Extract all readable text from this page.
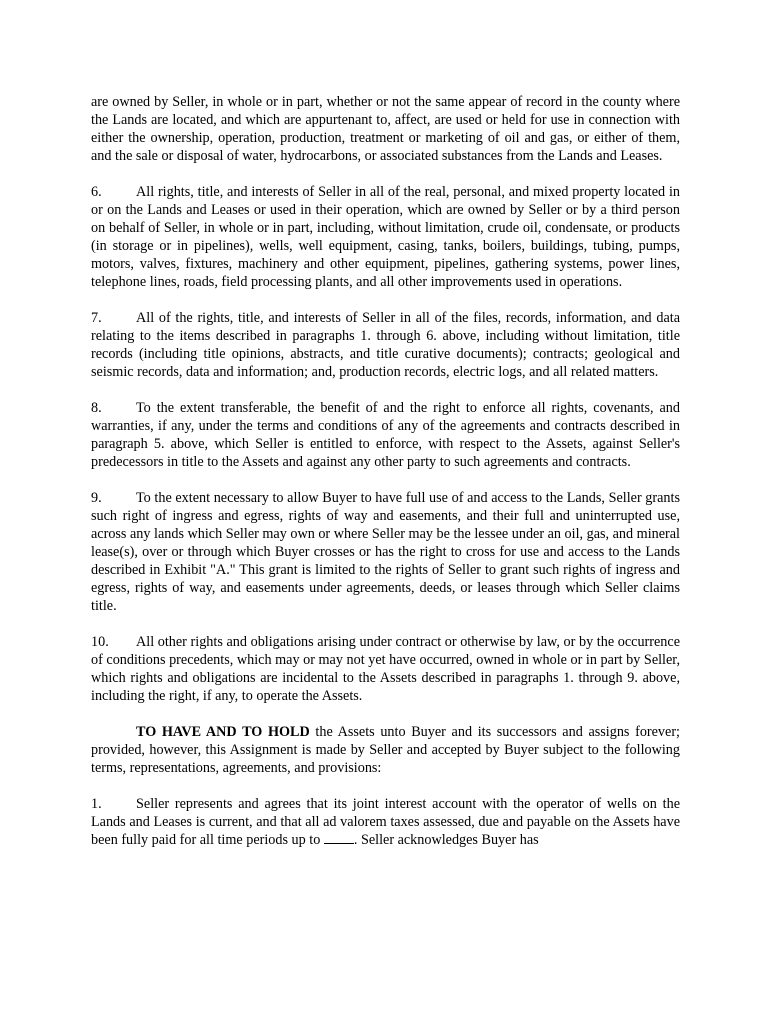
are owned by Seller, in whole or in part, whether or not the same appear of record in the county where the Lands are located, and which are appurtenant to, affect, are used or held for use in connection with either the ownership, operation, production, treatment or marketing of oil and gas, or either of them, and the sale or disposal of water, hydrocarbons, or associated substances from the Lands and Leases.

6. All rights, title, and interests of Seller in all of the real, personal, and mixed property located in or on the Lands and Leases or used in their operation, which are owned by Seller or by a third person on behalf of Seller, in whole or in part, including, without limitation, crude oil, condensate, or products (in storage or in pipelines), wells, well equipment, casing, tanks, boilers, buildings, tubing, pumps, motors, valves, fixtures, machinery and other equipment, pipelines, gathering systems, power lines, telephone lines, roads, field processing plants, and all other improvements used in operations.

7. All of the rights, title, and interests of Seller in all of the files, records, information, and data relating to the items described in paragraphs 1. through 6. above, including without limitation, title records (including title opinions, abstracts, and title curative documents); contracts; geological and seismic records, data and information; and, production records, electric logs, and all related matters.

8. To the extent transferable, the benefit of and the right to enforce all rights, covenants, and warranties, if any, under the terms and conditions of any of the agreements and contracts described in paragraph 5. above, which Seller is entitled to enforce, with respect to the Assets, against Seller's predecessors in title to the Assets and against any other party to such agreements and contracts.

9. To the extent necessary to allow Buyer to have full use of and access to the Lands, Seller grants such right of ingress and egress, rights of way and easements, and their full and uninterrupted use, across any lands which Seller may own or where Seller may be the lessee under an oil, gas, and mineral lease(s), over or through which Buyer crosses or has the right to cross for use and access to the Lands described in Exhibit "A." This grant is limited to the rights of Seller to grant such rights of ingress and egress, rights of way, and easements under agreements, deeds, or leases through which Seller claims title.

10. All other rights and obligations arising under contract or otherwise by law, or by the occurrence of conditions precedents, which may or may not yet have occurred, owned in whole or in part by Seller, which rights and obligations are incidental to the Assets described in paragraphs 1. through 9. above, including the right, if any, to operate the Assets.

TO HAVE AND TO HOLD the Assets unto Buyer and its successors and assigns forever; provided, however, this Assignment is made by Seller and accepted by Buyer subject to the following terms, representations, agreements, and provisions:

1. Seller represents and agrees that its joint interest account with the operator of wells on the Lands and Leases is current, and that all ad valorem taxes assessed, due and payable on the Assets have been fully paid for all time periods up to . Seller acknowledges Buyer has
